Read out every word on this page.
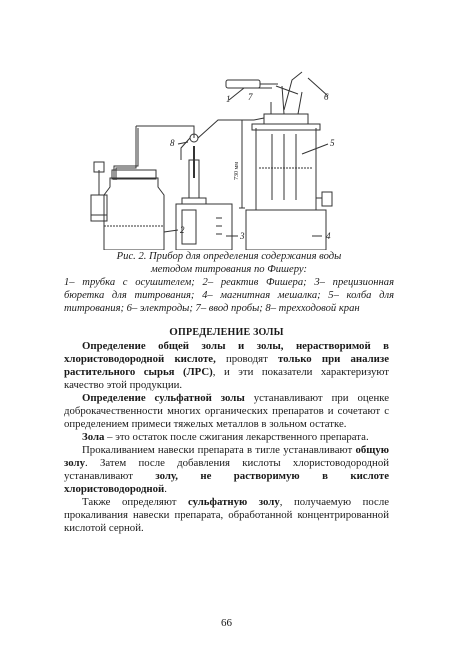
1 7	6
5
8
2
3	4
730 мм
Рис. 2. Прибор для определения содержания воды
методом титрования по Фишеру:
1– трубка с осушителем; 2– реактив Фишера; 3– прецизионная бюретка для титрования; 4– магнитная мешалка; 5– колба для титрования; 6– электроды; 7– ввод пробы; 8– трехходовой кран
ОПРЕДЕЛЕНИЕ ЗОЛЫ

Определение общей золы и золы, нерастворимой в хлористоводородной кислоте, проводят только при анализе растительного сырья (ЛРС), и эти показатели характеризуют качество этой продукции.

Определение сульфатной золы устанавливают при оценке доброкачественности многих органических препаратов и сочетают с определением примеси тяжелых металлов в зольном остатке.

Зола – это остаток после сжигания лекарственного препарата.

Прокаливанием навески препарата в тигле устанавливают общую золу. Затем после добавления кислоты хлористоводородной устанавливают золу, не растворимую в кислоте хлористоводородной.

Также определяют сульфатную золу, получаемую после прокаливания навески препарата, обработанной концентрированной кислотой серной.

66
